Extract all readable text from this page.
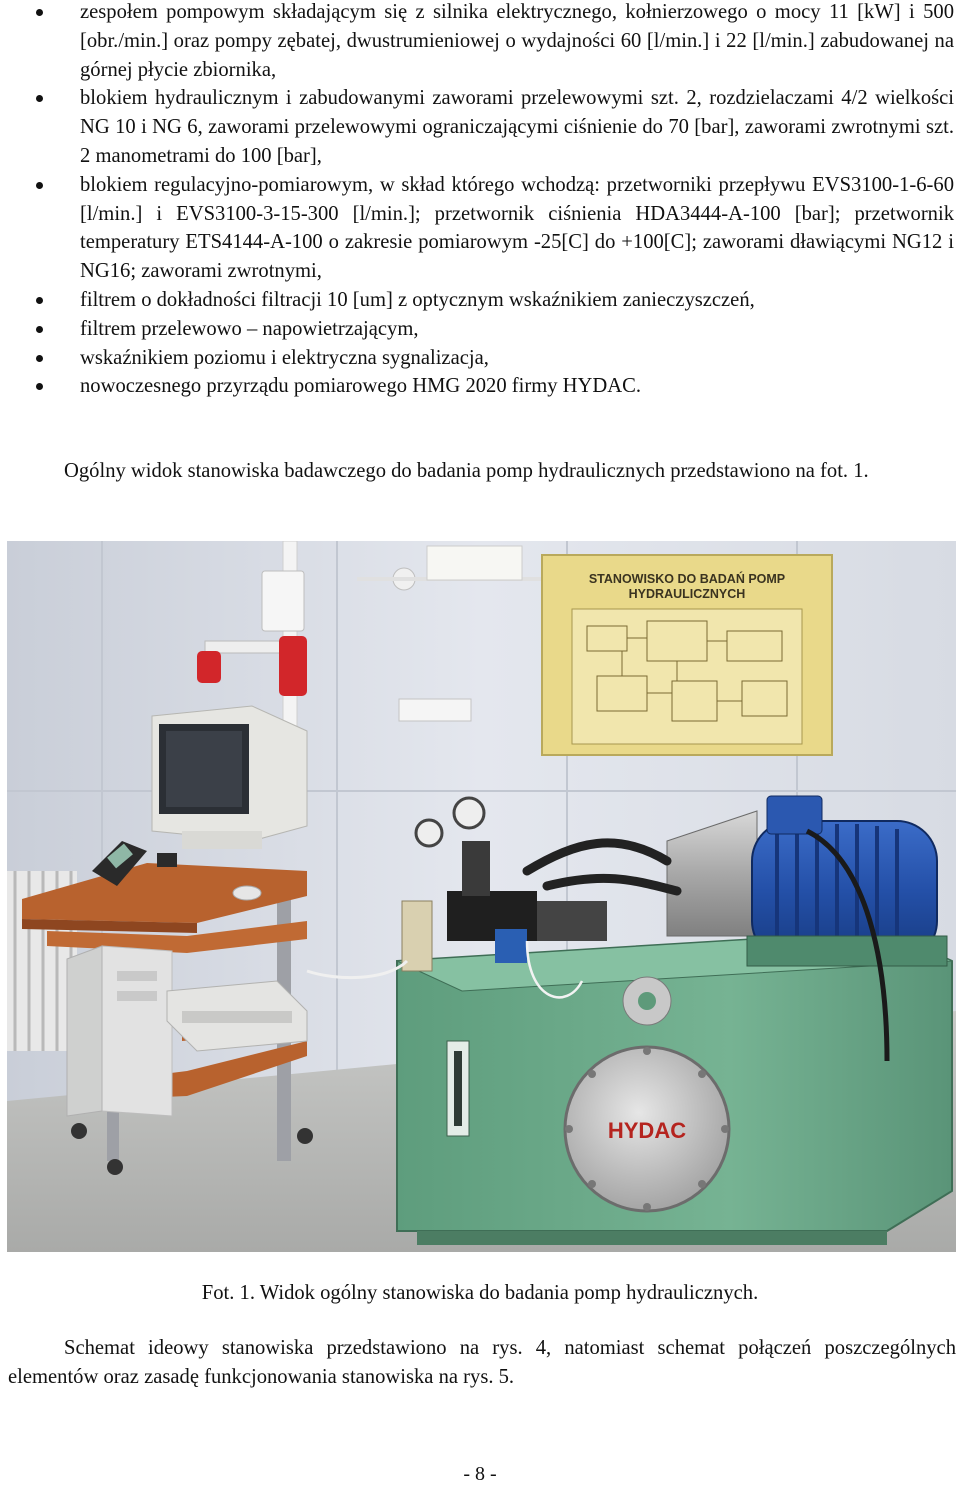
zespołem pompowym składającym się z silnika elektrycznego, kołnierzowego o mocy 11 [kW] i 500 [obr./min.] oraz pompy zębatej, dwustrumieniowej o wydajności 60 [l/min.] i 22 [l/min.] zabudowanej na górnej płycie zbiornika,
blokiem hydraulicznym i zabudowanymi zaworami przelewowymi szt. 2, rozdzielaczami 4/2 wielkości NG 10 i NG 6, zaworami przelewowymi ograniczającymi ciśnienie do 70 [bar], zaworami zwrotnymi szt. 2 manometrami do 100 [bar],
blokiem regulacyjno-pomiarowym, w skład którego wchodzą: przetworniki przepływu EVS3100-1-6-60 [l/min.] i EVS3100-3-15-300 [l/min.]; przetwornik ciśnienia HDA3444-A-100 [bar]; przetwornik temperatury ETS4144-A-100 o zakresie pomiarowym -25[C] do +100[C]; zaworami dławiącymi NG12 i NG16; zaworami zwrotnymi,
filtrem o dokładności filtracji 10 [um] z optycznym wskaźnikiem zanieczyszczeń,
filtrem przelewowo – napowietrzającym,
wskaźnikiem poziomu i elektryczna sygnalizacja,
nowoczesnego przyrządu pomiarowego HMG 2020 firmy HYDAC.

Ogólny widok stanowiska badawczego do badania pomp hydraulicznych przedstawiono na fot. 1.

STANOWISKO DO BADAŃ POMP
HYDRAULICZNYCH
HYDAC
Fot. 1. Widok ogólny stanowiska do badania pomp hydraulicznych.

Schemat ideowy stanowiska przedstawiono na rys. 4, natomiast schemat połączeń poszczególnych elementów oraz zasadę funkcjonowania stanowiska na rys. 5.

- 8 -
